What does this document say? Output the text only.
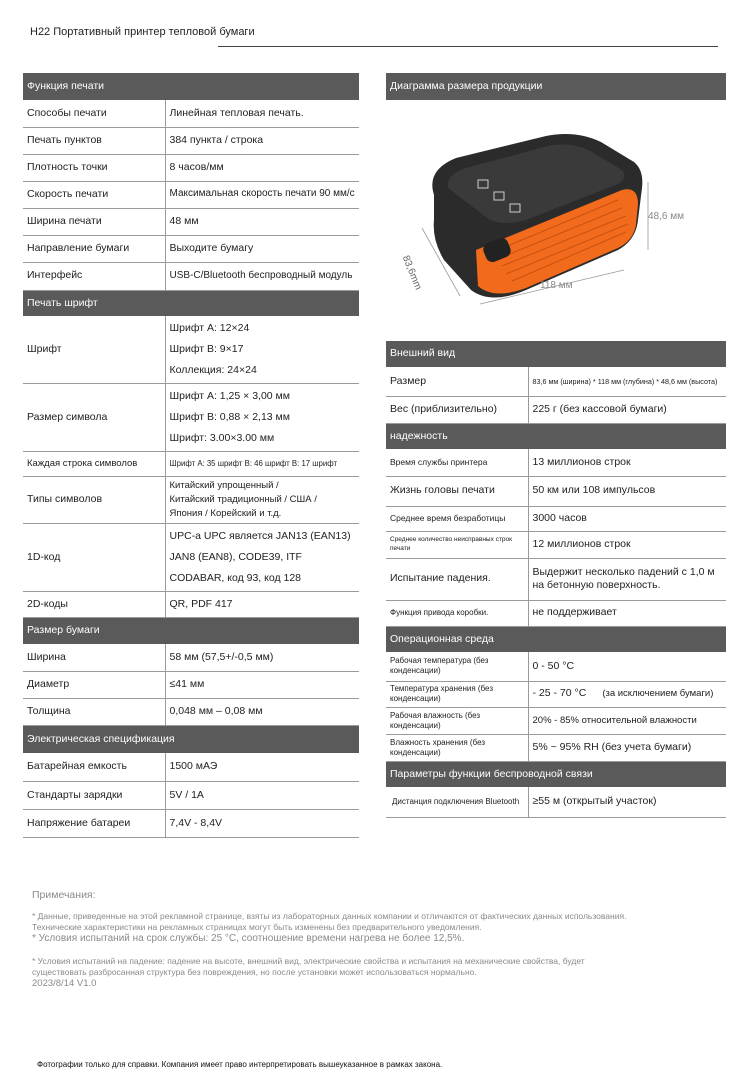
H22 Портативный принтер тепловой бумаги
Функция печати	
Способы печати	Линейная тепловая печать.
Печать пунктов	384 пункта / строка
Плотность точки	8 часов/мм
Скорость печати	Максимальная скорость печати 90 мм/с
Ширина печати	48 мм
Направление бумаги	Выходите бумагу
Интерфейс	USB-C/Bluetooth беспроводный модуль
Печать шрифт	
Шрифт	Шрифт A: 12×24
Шрифт B: 9×17
Коллекция: 24×24

Размер символа	Шрифт A: 1,25 × 3,00 мм
Шрифт B: 0,88 × 2,13 мм
Шрифт: 3.00×3.00 мм

Каждая строка символов	Шрифт A: 35 шрифт B: 46 шрифт B: 17 шрифт
Типы символов	Китайский упрощенный /
Китайский традиционный / США /
Япония / Корейский и т.д.

1D-код	UPC-a UPC является JAN13 (EAN13)
JAN8 (EAN8), CODE39, ITF
CODABAR, код 93, код 128

2D-коды	QR, PDF 417
Размер бумаги	
Ширина	58 мм (57,5+/-0,5 мм)
Диаметр	≤41 мм
Толщина	0,048 мм – 0,08 мм
Электрическая спецификация	
Батарейная емкость	1500 мАЭ
Стандарты зарядки	5V / 1A
Напряжение батареи	7,4V - 8,4V
Диаграмма размера продукции
48,6 мм
118 мм
83,6mm
Внешний вид	
Размер	83,6 мм (ширина) * 118 мм (глубина) * 48,6 мм (высота)
Вес (приблизительно)	225 г (без кассовой бумаги)
надежность	
Время службы принтера	13 миллионов строк
Жизнь головы печати	50 км или 108 импульсов
Среднее время безработицы	3000 часов
Среднее количество неисправных строк печати	12 миллионов строк
Испытание падения.	Выдержит несколько падений с 1,0 м на бетонную поверхность.
Функция привода коробки.	не поддерживает
Операционная среда	
Рабочая температура (без конденсации)	0 - 50 °C
Температура хранения (без конденсации)	- 25 - 70 °C (за исключением бумаги)
Рабочая влажность (без конденсации)	20% - 85% относительной влажности
Влажность хранения (без конденсации)	5% ~ 95% RH (без учета бумаги)
Параметры функции беспроводной связи	
Дистанция подключения Bluetooth	≥55 м (открытый участок)
Примечания:
* Данные, приведенные на этой рекламной странице, взяты из лабораторных данных компании и отличаются от фактических данных использования.
Технические характеристики на рекламных страницах могут быть изменены без предварительного уведомления.
* Условия испытаний на срок службы: 25 °C, соотношение времени нагрева не более 12,5%.
* Условия испытаний на падение: падение на высоте, внешний вид, электрические свойства и испытания на механические свойства, будет
существовать разбросанная структура без повреждения, но после установки может использоваться нормально.
2023/8/14 V1.0
Фотографии только для справки. Компания имеет право интерпретировать вышеуказанное в рамках закона.
